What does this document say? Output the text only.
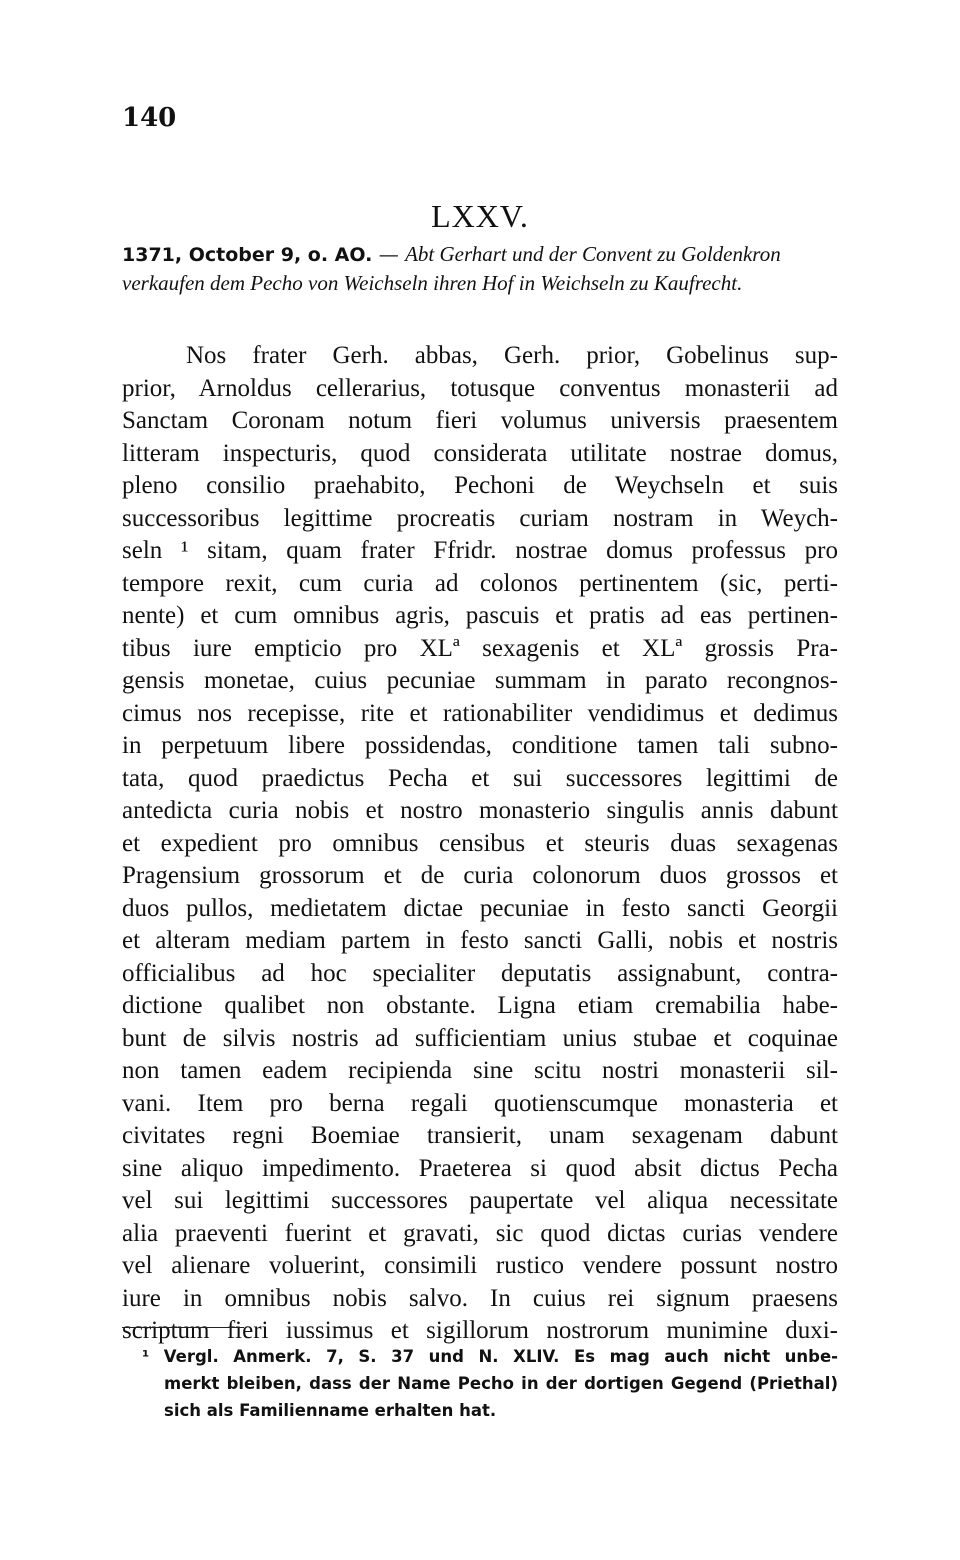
140
LXXV.
1371, October 9, o. AO. — Abt Gerhart und der Convent zu Goldenkron verkaufen dem Pecho von Weichseln ihren Hof in Weichseln zu Kaufrecht.
Nos frater Gerh. abbas, Gerh. prior, Gobelinus sup-
prior, Arnoldus cellerarius, totusque conventus monasterii ad
Sanctam Coronam notum fieri volumus universis praesentem
litteram inspecturis, quod considerata utilitate nostrae domus,
pleno consilio praehabito, Pechoni de Weychseln et suis
successoribus legittime procreatis curiam nostram in Weych-
seln ¹ sitam, quam frater Ffridr. nostrae domus professus pro
tempore rexit, cum curia ad colonos pertinentem (sic, perti-
nente) et cum omnibus agris, pascuis et pratis ad eas pertinen-
tibus iure empticio pro XLª sexagenis et XLª grossis Pra-
gensis monetae, cuius pecuniae summam in parato recongnos-
cimus nos recepisse, rite et rationabiliter vendidimus et dedimus
in perpetuum libere possidendas, conditione tamen tali subno-
tata, quod praedictus Pecha et sui successores legittimi de
antedicta curia nobis et nostro monasterio singulis annis dabunt
et expedient pro omnibus censibus et steuris duas sexagenas
Pragensium grossorum et de curia colonorum duos grossos et
duos pullos, medietatem dictae pecuniae in festo sancti Georgii
et alteram mediam partem in festo sancti Galli, nobis et nostris
officialibus ad hoc specialiter deputatis assignabunt, contra-
dictione qualibet non obstante. Ligna etiam cremabilia habe-
bunt de silvis nostris ad sufficientiam unius stubae et coquinae
non tamen eadem recipienda sine scitu nostri monasterii sil-
vani. Item pro berna regali quotienscumque monasteria et
civitates regni Boemiae transierit, unam sexagenam dabunt
sine aliquo impedimento. Praeterea si quod absit dictus Pecha
vel sui legittimi successores paupertate vel aliqua necessitate
alia praeventi fuerint et gravati, sic quod dictas curias vendere
vel alienare voluerint, consimili rustico vendere possunt nostro
iure in omnibus nobis salvo. In cuius rei signum praesens
scriptum fieri iussimus et sigillorum nostrorum munimine duxi-
¹ Vergl. Anmerk. 7, S. 37 und N. XLIV. Es mag auch nicht unbe-
merkt bleiben, dass der Name Pecho in der dortigen Gegend (Priethal)
sich als Familienname erhalten hat.
